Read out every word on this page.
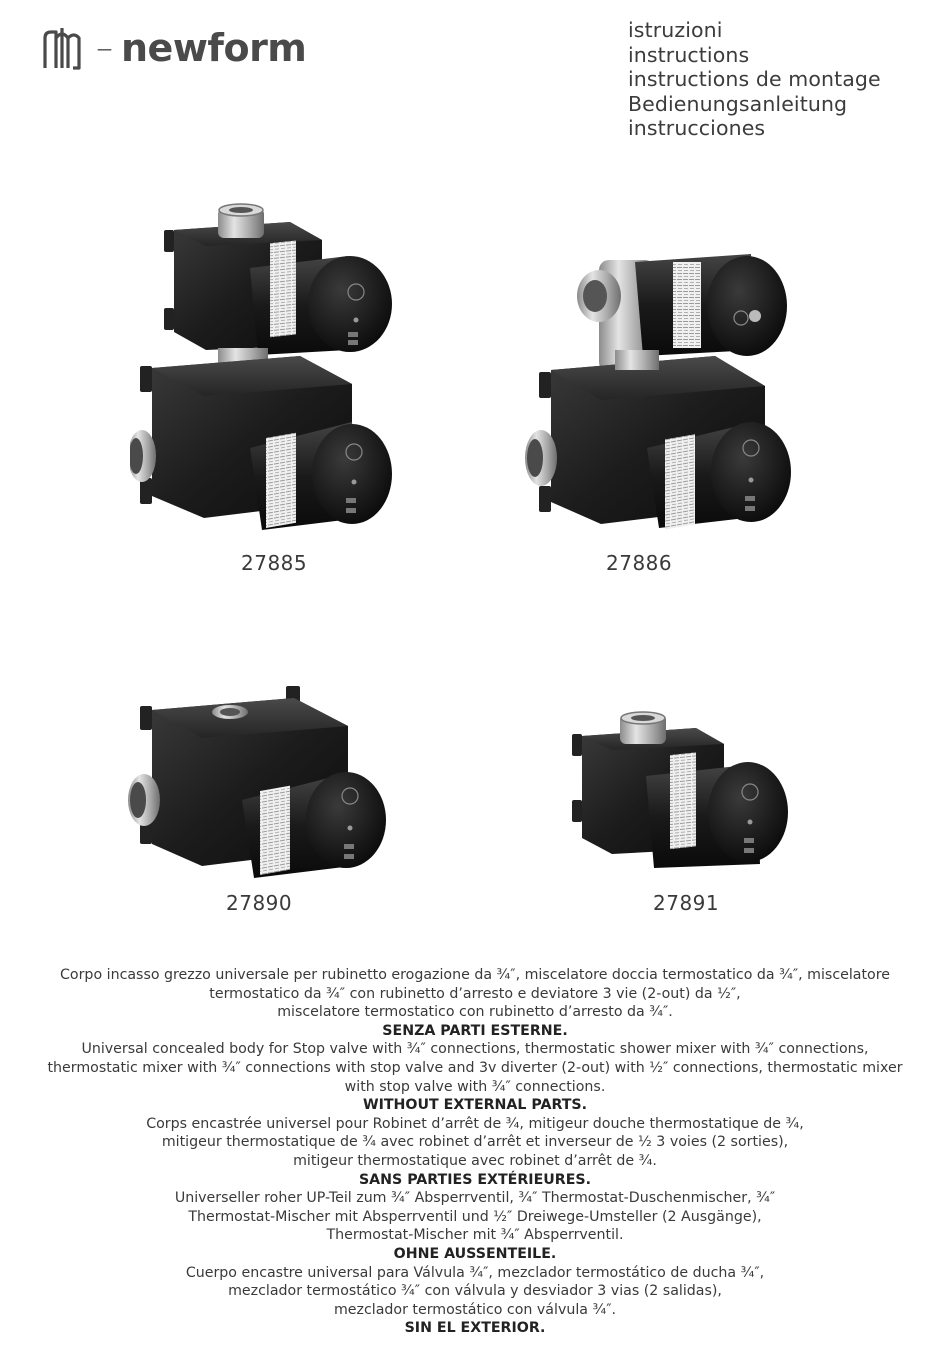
– newform	istruzioni
instructions
instructions de montage
Bedienungsanleitung
instrucciones
27885	27886
27890	27891
Corpo incasso grezzo universale per rubinetto erogazione da ¾″, miscelatore doccia termostatico da ¾″, miscelatore
termostatico da ¾″ con rubinetto d’arresto e deviatore 3 vie (2-out) da ½″,
miscelatore termostatico con rubinetto d’arresto da ¾″.
SENZA PARTI ESTERNE.
Universal concealed body for Stop valve with ¾″ connections, thermostatic shower mixer with ¾″ connections,
thermostatic mixer with ¾″ connections with stop valve and 3v diverter (2-out) with ½″ connections, thermostatic mixer
with stop valve with ¾″ connections.
WITHOUT EXTERNAL PARTS.
Corps encastrée universel pour Robinet d’arrêt de ¾, mitigeur douche thermostatique de ¾,
mitigeur thermostatique de ¾ avec robinet d’arrêt et inverseur de ½ 3 voies (2 sorties),
mitigeur thermostatique avec robinet d’arrêt de ¾.
SANS PARTIES EXTÉRIEURES.
Universeller roher UP-Teil zum ¾″ Absperrventil, ¾″ Thermostat-Duschenmischer, ¾″
Thermostat-Mischer mit Absperrventil und ½″ Dreiwege-Umsteller (2 Ausgänge),
Thermostat-Mischer mit ¾″ Absperrventil.
OHNE AUSSENTEILE.
Cuerpo encastre universal para Válvula ¾″, mezclador termostático de ducha ¾″,
mezclador termostático ¾″ con válvula y desviador 3 vias (2 salidas),
mezclador termostático con válvula ¾″.
SIN EL EXTERIOR.
